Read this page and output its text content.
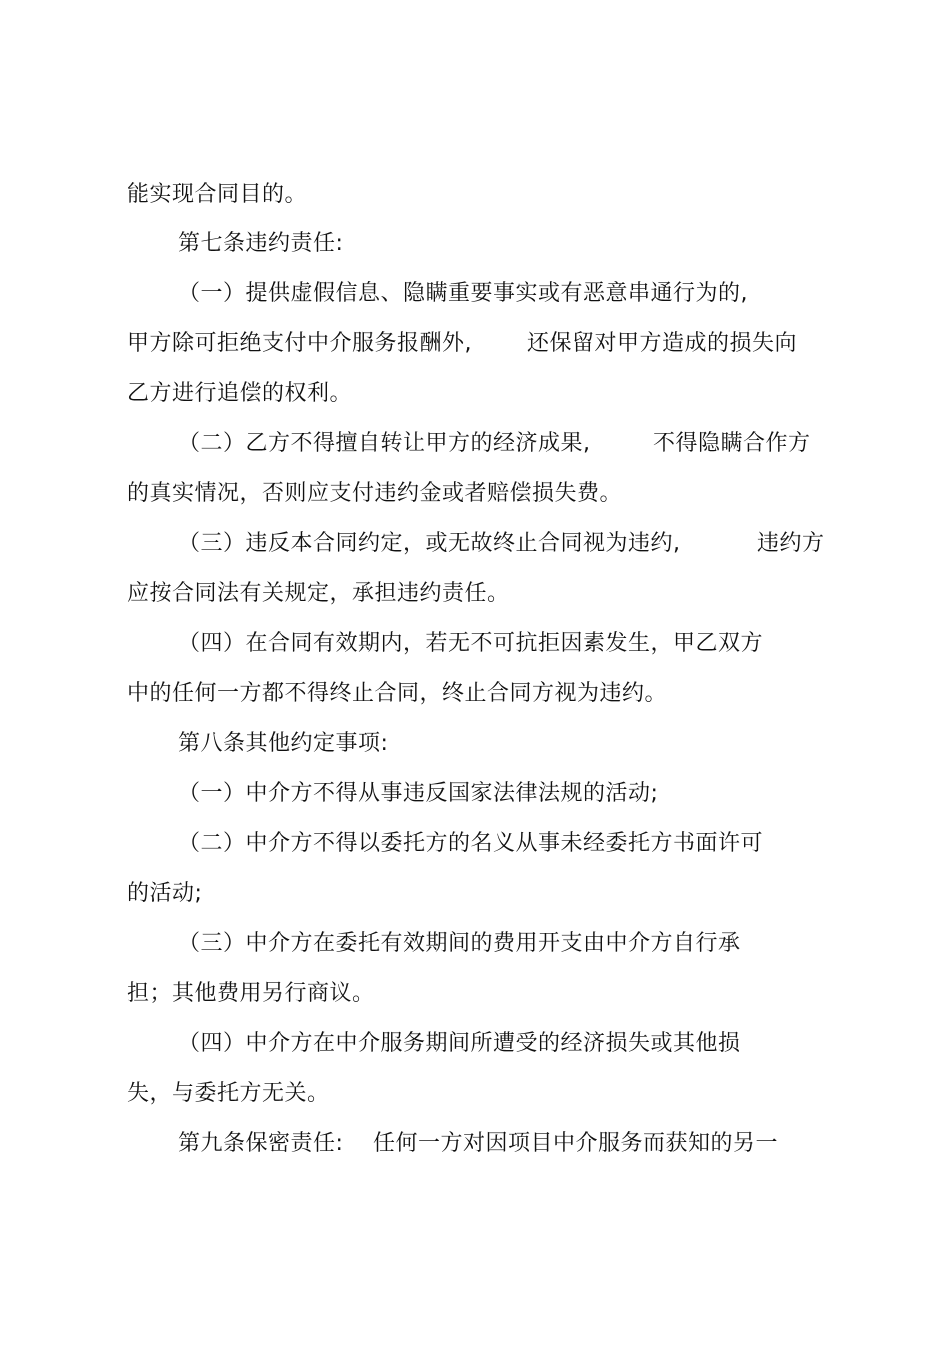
能实现合同目的。
第七条违约责任:
（一）提供虚假信息、隐瞒重要事实或有恶意串通行为的,
甲方除可拒绝支付中介服务报酬外,	还保留对甲方造成的损失向
乙方进行追偿的权利。
（二）乙方不得擅自转让甲方的经济成果,	不得隐瞒合作方
的真实情况，否则应支付违约金或者赔偿损失费。
（三）违反本合同约定，或无故终止合同视为违约,	违约方
应按合同法有关规定，承担违约责任。
（四）在合同有效期内，若无不可抗拒因素发生，甲乙双方
中的任何一方都不得终止合同，终止合同方视为违约。
第八条其他约定事项:
（一）中介方不得从事违反国家法律法规的活动;
（二）中介方不得以委托方的名义从事未经委托方书面许可
的活动;
（三）中介方在委托有效期间的费用开支由中介方自行承
担；其他费用另行商议。
（四）中介方在中介服务期间所遭受的经济损失或其他损
失，与委托方无关。
第九条保密责任: 任何一方对因项目中介服务而获知的另一
